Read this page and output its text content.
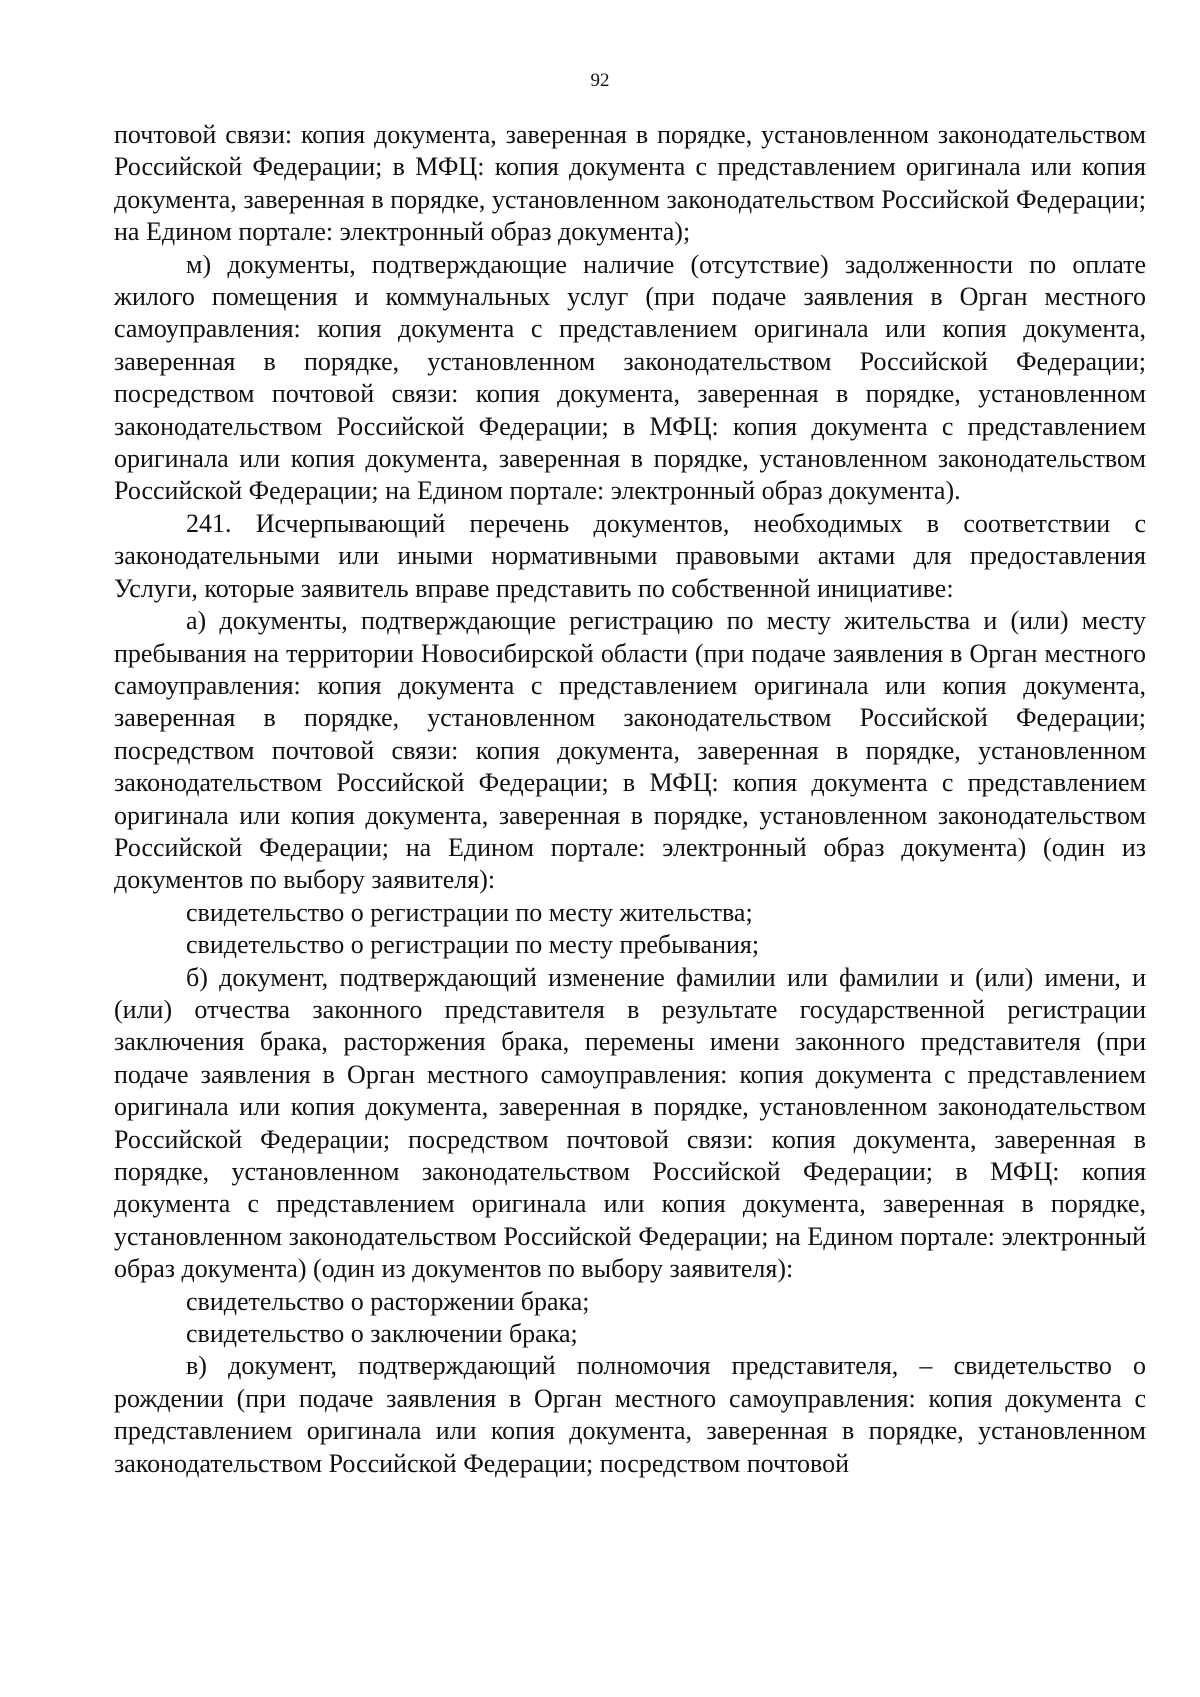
92

почтовой связи: копия документа, заверенная в порядке, установленном законодательством Российской Федерации; в МФЦ: копия документа с представлением оригинала или копия документа, заверенная в порядке, установленном законодательством Российской Федерации; на Едином портале: электронный образ документа);

м) документы, подтверждающие наличие (отсутствие) задолженности по оплате жилого помещения и коммунальных услуг (при подаче заявления в Орган местного самоуправления: копия документа с представлением оригинала или копия документа, заверенная в порядке, установленном законодательством Российской Федерации; посредством почтовой связи: копия документа, заверенная в порядке, установленном законодательством Российской Федерации; в МФЦ: копия документа с представлением оригинала или копия документа, заверенная в порядке, установленном законодательством Российской Федерации; на Едином портале: электронный образ документа).

241. Исчерпывающий перечень документов, необходимых в соответствии с законодательными или иными нормативными правовыми актами для предоставления Услуги, которые заявитель вправе представить по собственной инициативе:

а) документы, подтверждающие регистрацию по месту жительства и (или) месту пребывания на территории Новосибирской области (при подаче заявления в Орган местного самоуправления: копия документа с представлением оригинала или копия документа, заверенная в порядке, установленном законодательством Российской Федерации; посредством почтовой связи: копия документа, заверенная в порядке, установленном законодательством Российской Федерации; в МФЦ: копия документа с представлением оригинала или копия документа, заверенная в порядке, установленном законодательством Российской Федерации; на Едином портале: электронный образ документа) (один из документов по выбору заявителя):

свидетельство о регистрации по месту жительства;

свидетельство о регистрации по месту пребывания;

б) документ, подтверждающий изменение фамилии или фамилии и (или) имени, и (или) отчества законного представителя в результате государственной регистрации заключения брака, расторжения брака, перемены имени законного представителя (при подаче заявления в Орган местного самоуправления: копия документа с представлением оригинала или копия документа, заверенная в порядке, установленном законодательством Российской Федерации; посредством почтовой связи: копия документа, заверенная в порядке, установленном законодательством Российской Федерации; в МФЦ: копия документа с представлением оригинала или копия документа, заверенная в порядке, установленном законодательством Российской Федерации; на Едином портале: электронный образ документа) (один из документов по выбору заявителя):

свидетельство о расторжении брака;

свидетельство о заключении брака;

в) документ, подтверждающий полномочия представителя, – свидетельство о рождении (при подаче заявления в Орган местного самоуправления: копия документа с представлением оригинала или копия документа, заверенная в порядке, установленном законодательством Российской Федерации; посредством почтовой
